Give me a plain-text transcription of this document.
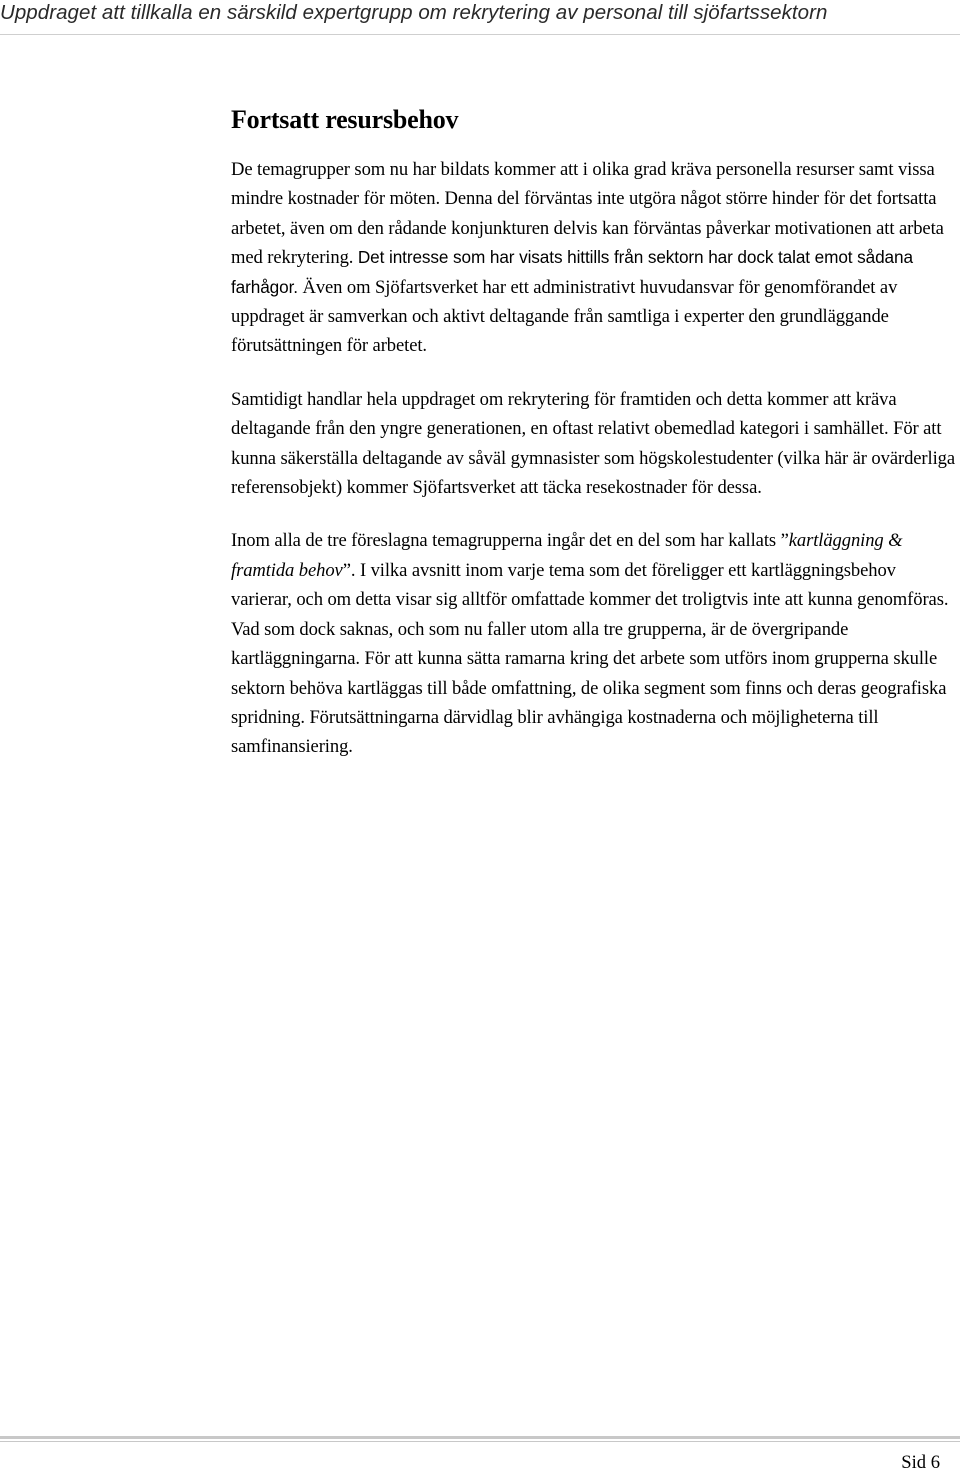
Uppdraget att tillkalla en särskild expertgrupp om rekrytering av personal till sjöfartssektorn
Fortsatt resursbehov

De temagrupper som nu har bildats kommer att i olika grad kräva personella resurser samt vissa mindre kostnader för möten. Denna del förväntas inte utgöra något större hinder för det fortsatta arbetet, även om den rådande konjunkturen delvis kan förväntas påverkar motivationen att arbeta med rekrytering. Det intresse som har visats hittills från sektorn har dock talat emot sådana farhågor. Även om Sjöfartsverket har ett administrativt huvudansvar för genomförandet av uppdraget är samverkan och aktivt deltagande från samtliga i experter den grundläggande förutsättningen för arbetet.

Samtidigt handlar hela uppdraget om rekrytering för framtiden och detta kommer att kräva deltagande från den yngre generationen, en oftast relativt obemedlad kategori i samhället. För att kunna säkerställa deltagande av såväl gymnasister som högskolestudenter (vilka här är ovärderliga referensobjekt) kommer Sjöfartsverket att täcka resekostnader för dessa.

Inom alla de tre föreslagna temagrupperna ingår det en del som har kallats ”kartläggning & framtida behov”. I vilka avsnitt inom varje tema som det föreligger ett kartläggningsbehov varierar, och om detta visar sig alltför omfattade kommer det troligtvis inte att kunna genomföras. Vad som dock saknas, och som nu faller utom alla tre grupperna, är de övergripande kartläggningarna. För att kunna sätta ramarna kring det arbete som utförs inom grupperna skulle sektorn behöva kartläggas till både omfattning, de olika segment som finns och deras geografiska spridning. Förutsättningarna därvidlag blir avhängiga kostnaderna och möjligheterna till samfinansiering.

Sid 6
